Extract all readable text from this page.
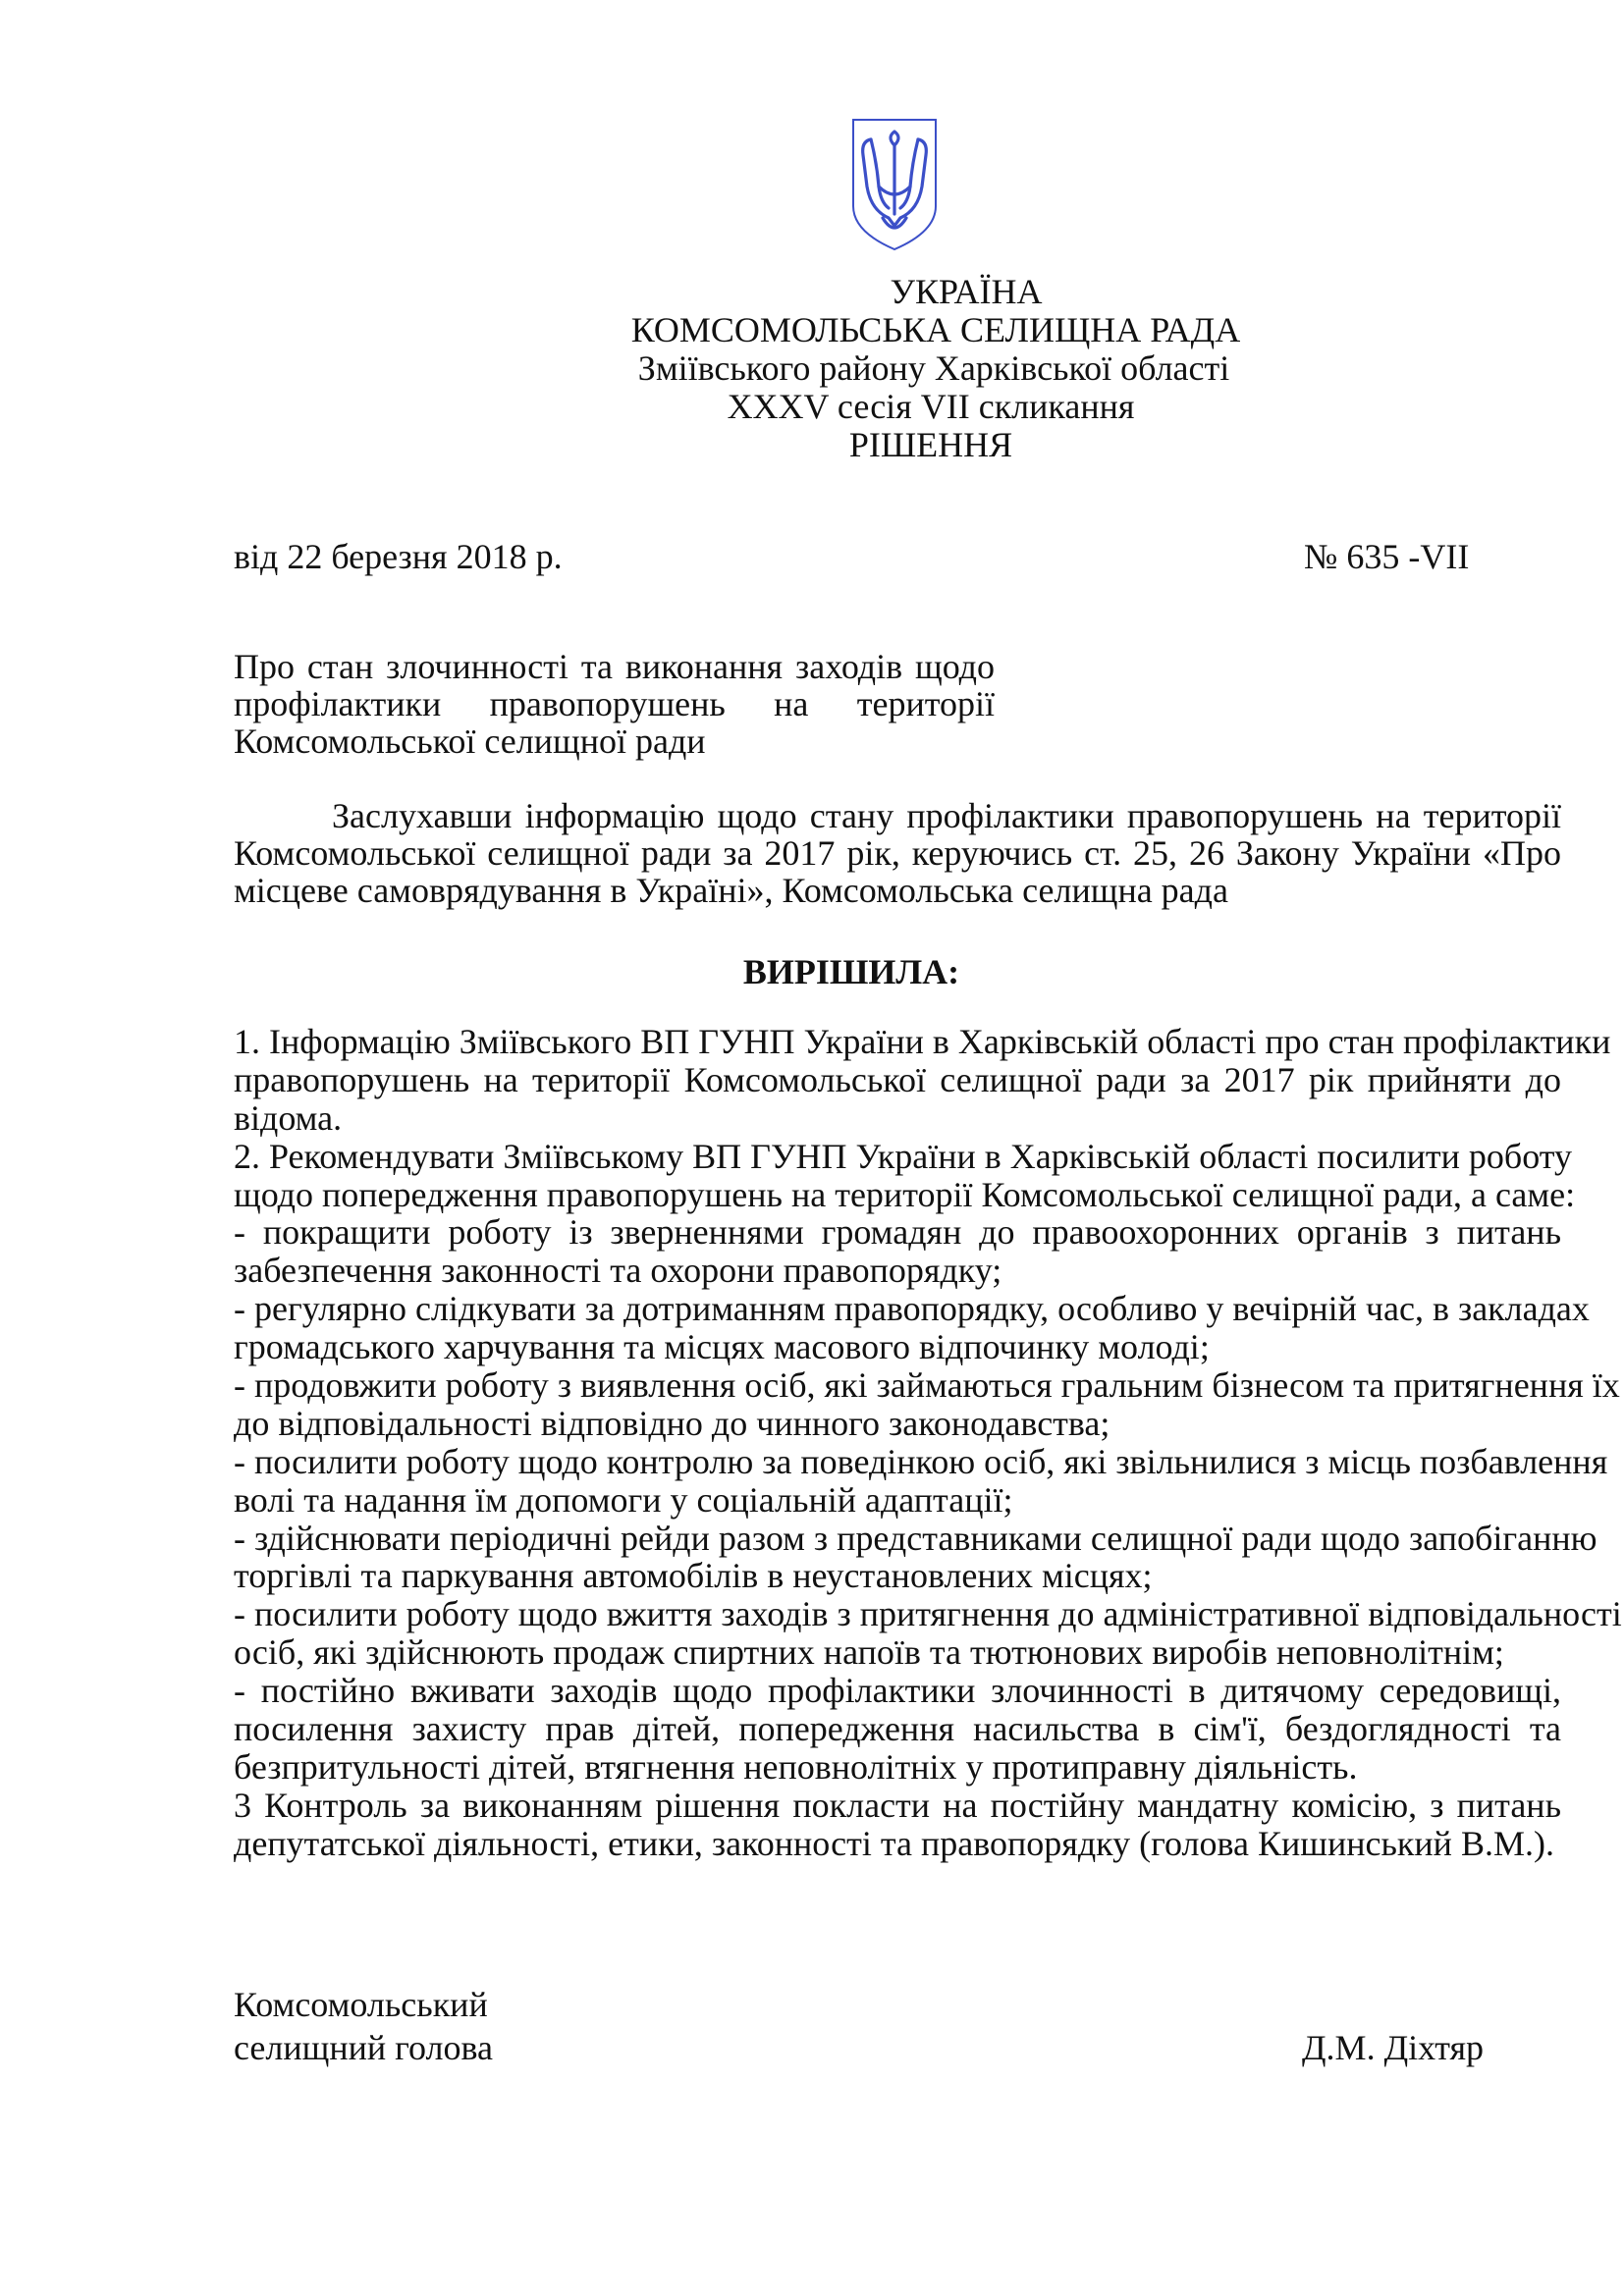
УКРАЇНА
КОМСОМОЛЬСЬКА СЕЛИЩНА РАДА
Зміївського району Харківської області
XXXV сесія VII скликання
РІШЕННЯ
від 22 березня 2018 р.	№ 635 -VII
Про стан злочинності та виконання заходів щодо
профілактики правопорушень на території
Комсомольської селищної ради
Заслухавши інформацію щодо стану профілактики правопорушень на території
Комсомольської селищної ради за 2017 рік, керуючись ст. 25, 26 Закону України «Про
місцеве самоврядування в Україні», Комсомольська селищна рада
ВИРІШИЛА:
1. Інформацію Зміївського ВП ГУНП України в Харківській області про стан профілактики
правопорушень на території Комсомольської селищної ради за 2017 рік прийняти до
відома.
2. Рекомендувати Зміївському ВП ГУНП України в Харківській області посилити роботу
щодо попередження правопорушень на території Комсомольської селищної ради, а саме:
- покращити роботу із зверненнями громадян до правоохоронних органів з питань
забезпечення законності та охорони правопорядку;
- регулярно слідкувати за дотриманням правопорядку, особливо у вечірній час, в закладах
громадського харчування та місцях масового відпочинку молоді;
- продовжити роботу з виявлення осіб, які займаються гральним бізнесом та притягнення їх
до відповідальності відповідно до чинного законодавства;
- посилити роботу щодо контролю за поведінкою осіб, які звільнилися з місць позбавлення
волі та надання їм допомоги у соціальній адаптації;
- здійснювати періодичні рейди разом з представниками селищної ради щодо запобіганню
торгівлі та паркування автомобілів в неустановлених місцях;
- посилити роботу щодо вжиття заходів з притягнення до адміністративної відповідальності
осіб, які здійснюють продаж спиртних напоїв та тютюнових виробів неповнолітнім;
- постійно вживати заходів щодо профілактики злочинності в дитячому середовищі,
посилення захисту прав дітей, попередження насильства в сім'ї, бездоглядності та
безпритульності дітей, втягнення неповнолітніх у протиправну діяльність.
3 Контроль за виконанням рішення покласти на постійну мандатну комісію, з питань
депутатської діяльності, етики, законності та правопорядку (голова Кишинський В.М.).
Комсомольський
селищний голова	Д.М. Діхтяр
